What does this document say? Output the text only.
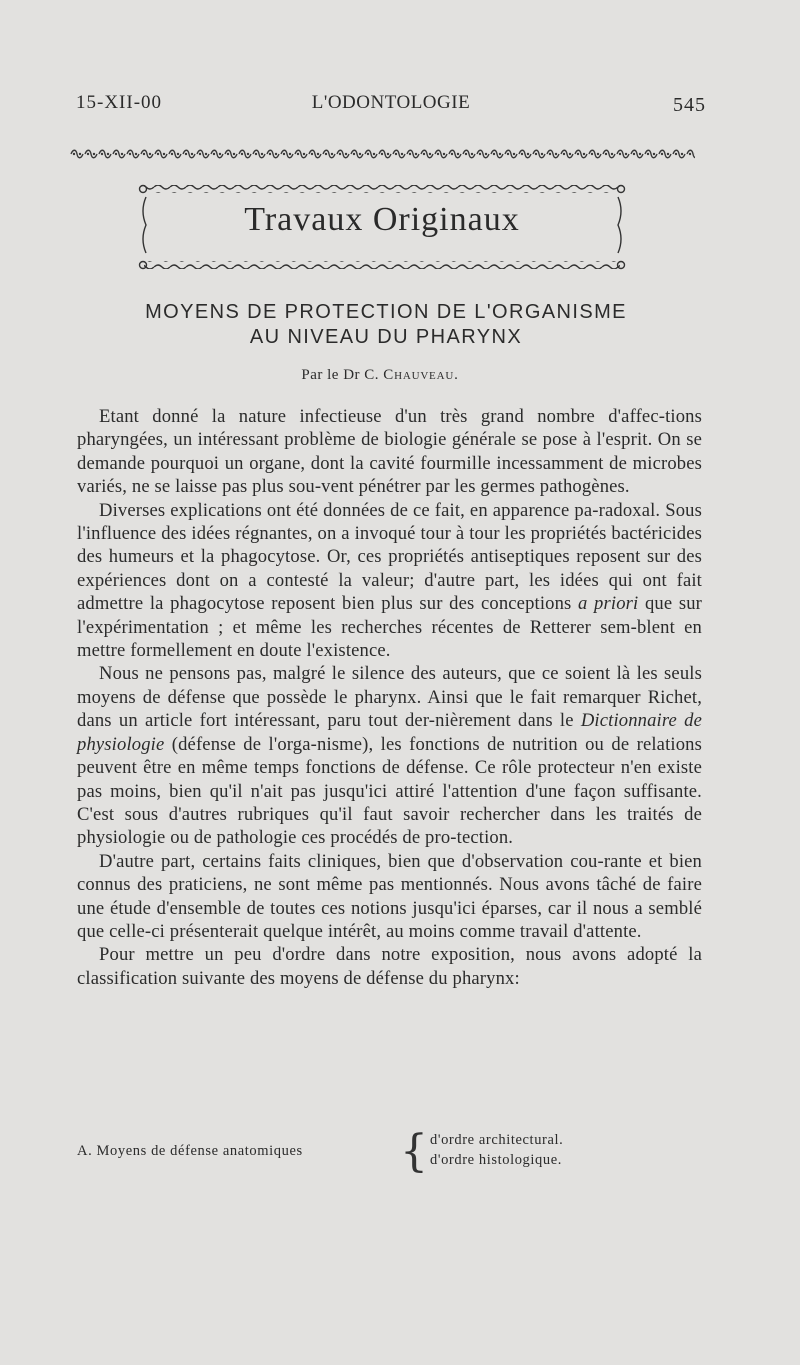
15-XII-00	L'ODONTOLOGIE	545
Travaux Originaux
MOYENS DE PROTECTION DE L'ORGANISME
AU NIVEAU DU PHARYNX
Par le Dr C. Chauveau.

Etant donné la nature infectieuse d'un très grand nombre d'affec-tions pharyngées, un intéressant problème de biologie générale se pose à l'esprit. On se demande pourquoi un organe, dont la cavité fourmille incessamment de microbes variés, ne se laisse pas plus sou-vent pénétrer par les germes pathogènes.

Diverses explications ont été données de ce fait, en apparence pa-radoxal. Sous l'influence des idées régnantes, on a invoqué tour à tour les propriétés bactéricides des humeurs et la phagocytose. Or, ces propriétés antiseptiques reposent sur des expériences dont on a contesté la valeur; d'autre part, les idées qui ont fait admettre la phagocytose reposent bien plus sur des conceptions a priori que sur l'expérimentation ; et même les recherches récentes de Retterer sem-blent en mettre formellement en doute l'existence.

Nous ne pensons pas, malgré le silence des auteurs, que ce soient là les seuls moyens de défense que possède le pharynx. Ainsi que le fait remarquer Richet, dans un article fort intéressant, paru tout der-nièrement dans le Dictionnaire de physiologie (défense de l'orga-nisme), les fonctions de nutrition ou de relations peuvent être en même temps fonctions de défense. Ce rôle protecteur n'en existe pas moins, bien qu'il n'ait pas jusqu'ici attiré l'attention d'une façon suffisante. C'est sous d'autres rubriques qu'il faut savoir rechercher dans les traités de physiologie ou de pathologie ces procédés de pro-tection.

D'autre part, certains faits cliniques, bien que d'observation cou-rante et bien connus des praticiens, ne sont même pas mentionnés. Nous avons tâché de faire une étude d'ensemble de toutes ces notions jusqu'ici éparses, car il nous a semblé que celle-ci présenterait quelque intérêt, au moins comme travail d'attente.

Pour mettre un peu d'ordre dans notre exposition, nous avons adopté la classification suivante des moyens de défense du pharynx:

A. Moyens de défense anatomiques { d'ordre architectural.
d'ordre histologique.
